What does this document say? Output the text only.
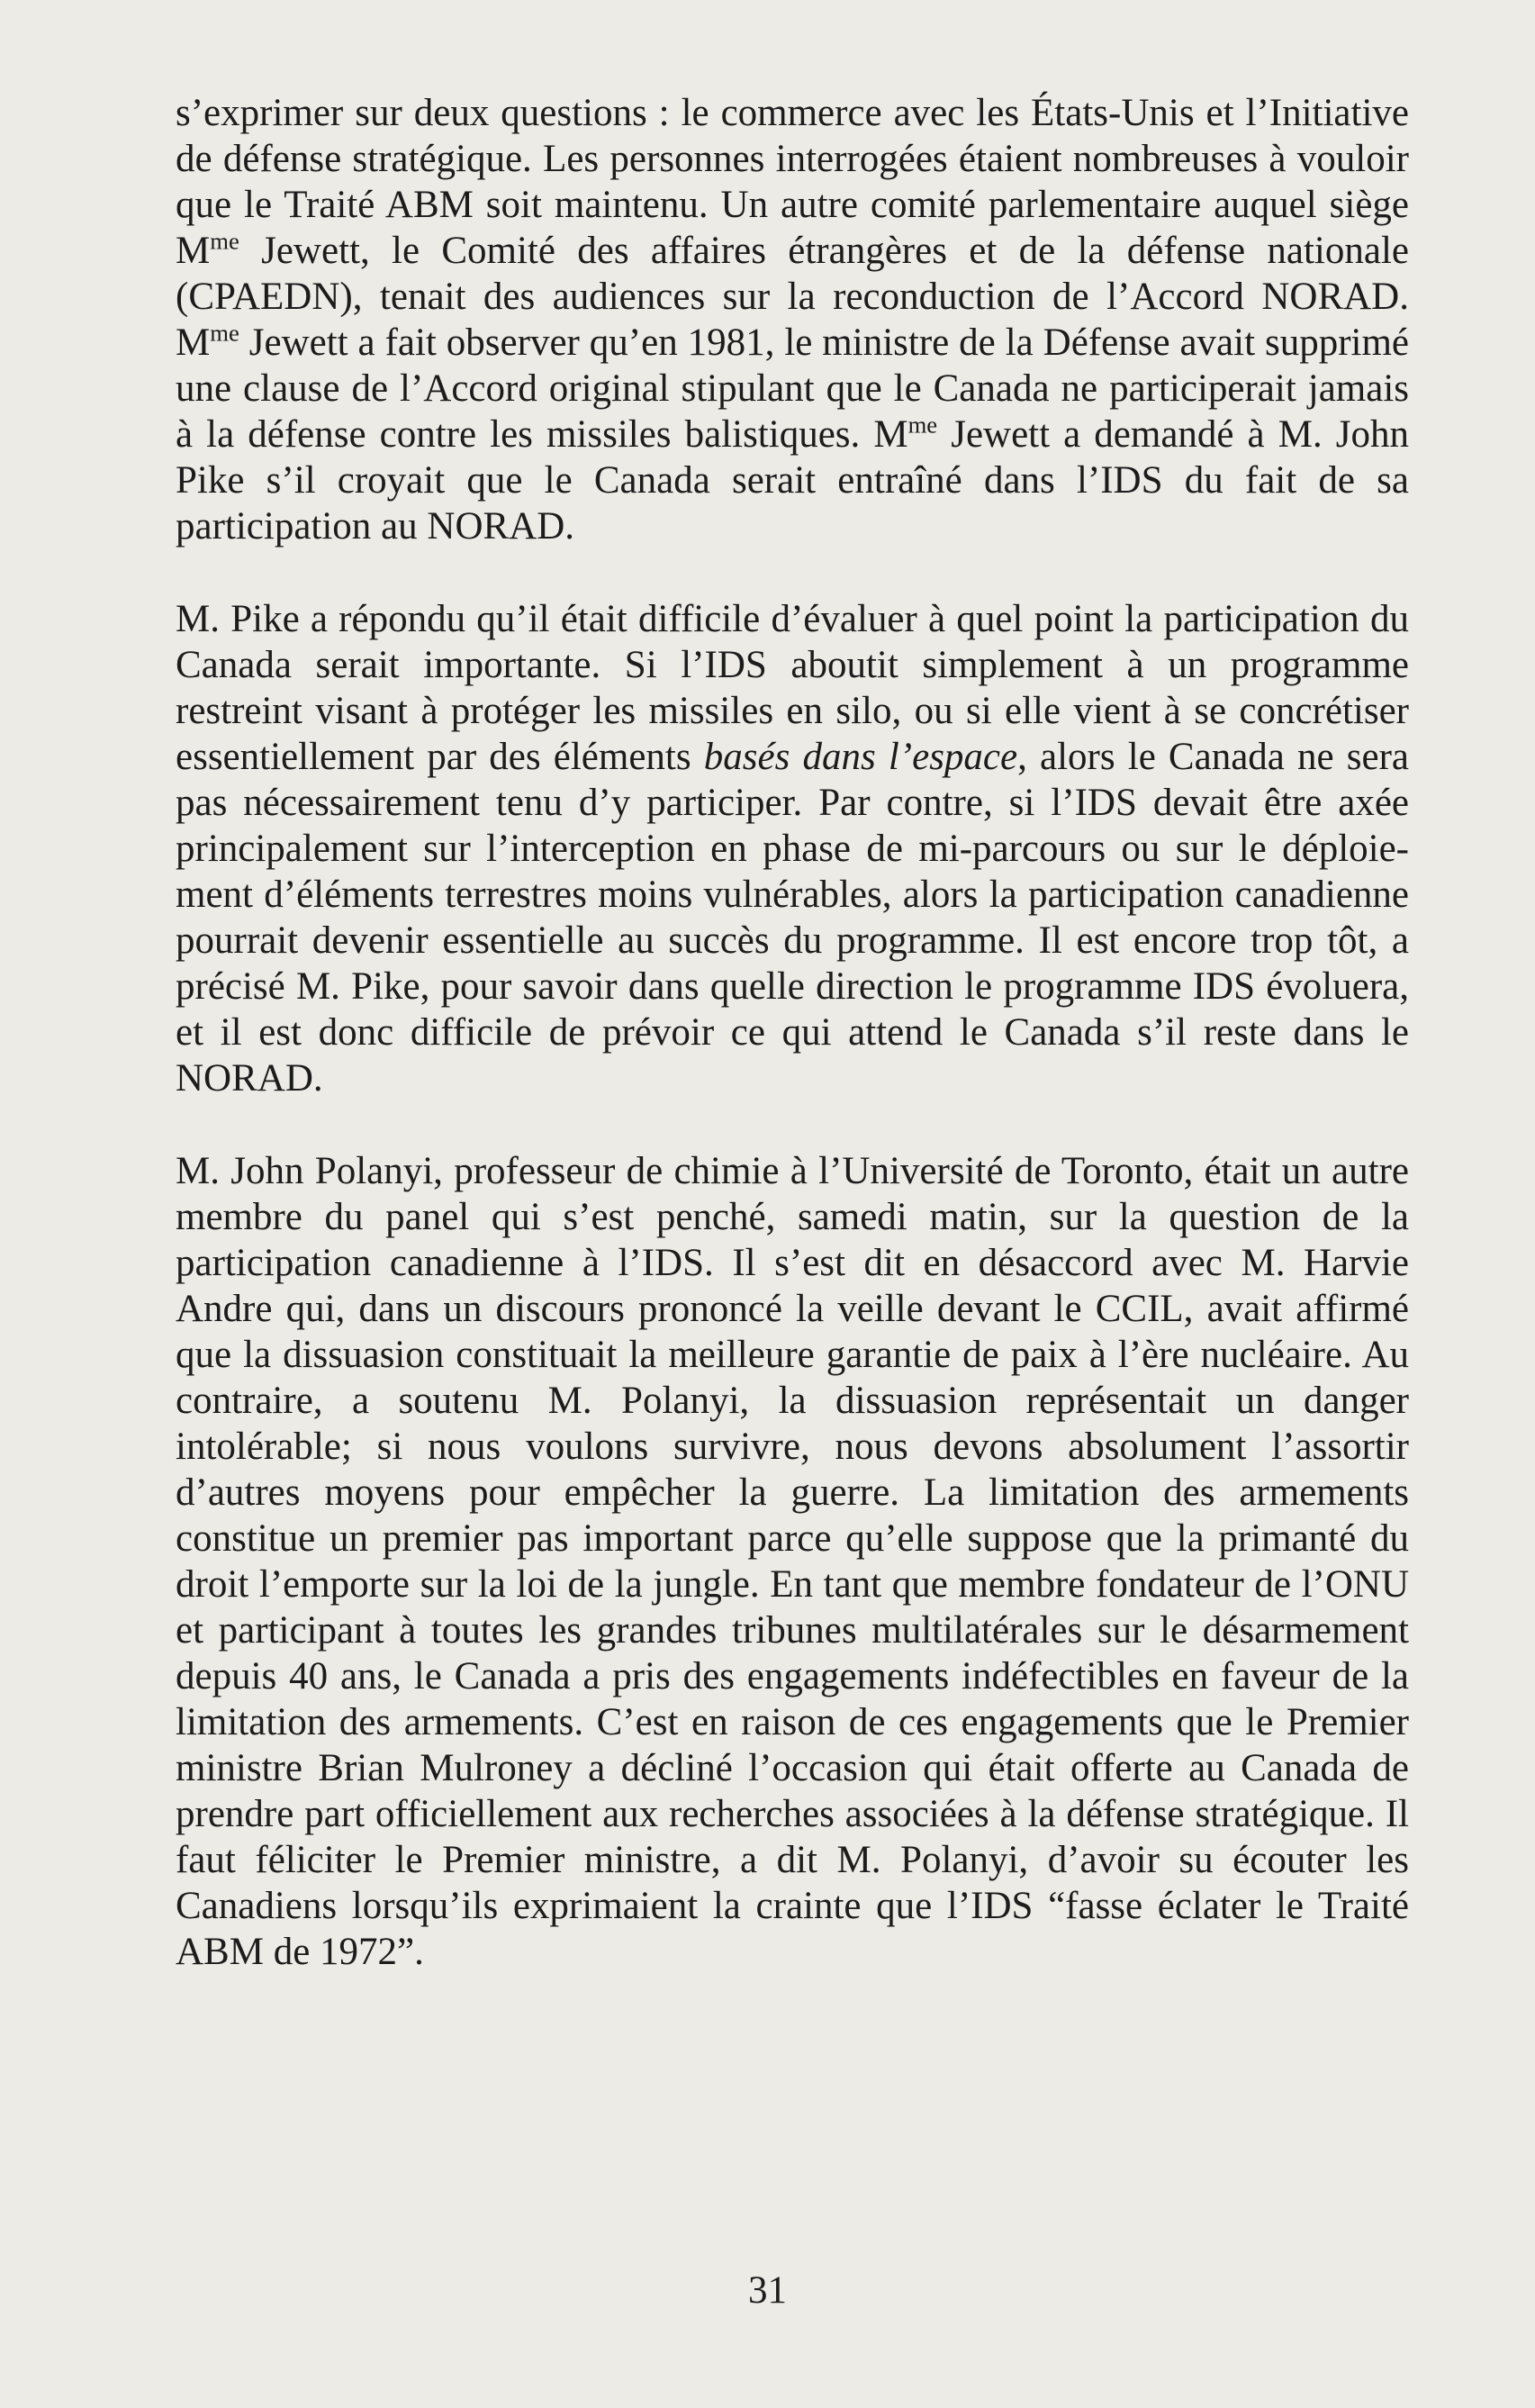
s’exprimer sur deux questions : le commerce avec les États-Unis et l’Initiative de défense stratégique. Les personnes interrogées étaient nombreuses à vouloir que le Traité ABM soit maintenu. Un autre comité parlementaire auquel siège $M^{me}$ Jewett, le Comité des affaires étrangères et de la défense nationale (CPAEDN), tenait des audiences sur la reconduction de l’Accord NORAD. $M^{me}$ Jewett a fait observer qu’en 1981, le ministre de la Défense avait supprimé une clause de l’Accord original stipulant que le Canada ne participerait jamais à la défense contre les missiles balistiques. $M^{me}$ Jewett a demandé à M. John Pike s’il croyait que le Canada serait entraîné dans l’IDS du fait de sa participation au NORAD.

M. Pike a répondu qu’il était difficile d’évaluer à quel point la participation du Canada serait importante. Si l’IDS aboutit simplement à un programme restreint visant à protéger les missiles en silo, ou si elle vient à se concrétiser essentiellement par des éléments basés dans l’espace, alors le Canada ne sera pas nécessairement tenu d’y participer. Par contre, si l’IDS devait être axée principalement sur l’interception en phase de mi-parcours ou sur le déploiement d’éléments terrestres moins vulnérables, alors la participation canadienne pourrait devenir essentielle au succès du programme. Il est encore trop tôt, a précisé M. Pike, pour savoir dans quelle direction le programme IDS évoluera, et il est donc difficile de prévoir ce qui attend le Canada s’il reste dans le NORAD.

M. John Polanyi, professeur de chimie à l’Université de Toronto, était un autre membre du panel qui s’est penché, samedi matin, sur la question de la participation canadienne à l’IDS. Il s’est dit en désaccord avec M. Harvie Andre qui, dans un discours prononcé la veille devant le CCIL, avait affirmé que la dissuasion constituait la meilleure garantie de paix à l’ère nucléaire. Au contraire, a soutenu M. Polanyi, la dissuasion représentait un danger intolérable; si nous voulons survivre, nous devons absolument l’assortir d’autres moyens pour empêcher la guerre. La limitation des armements constitue un premier pas important parce qu’elle suppose que la primanté du droit l’emporte sur la loi de la jungle. En tant que membre fondateur de l’ONU et participant à toutes les grandes tribunes multilatérales sur le désarmement depuis 40 ans, le Canada a pris des engagements indéfectibles en faveur de la limitation des armements. C’est en raison de ces engagements que le Premier ministre Brian Mulroney a décliné l’occasion qui était offerte au Canada de prendre part officiellement aux recherches associées à la défense stratégique. Il faut féliciter le Premier ministre, a dit M. Polanyi, d’avoir su écouter les Canadiens lorsqu’ils exprimaient la crainte que l’IDS “fasse éclater le Traité ABM de 1972”.

31
